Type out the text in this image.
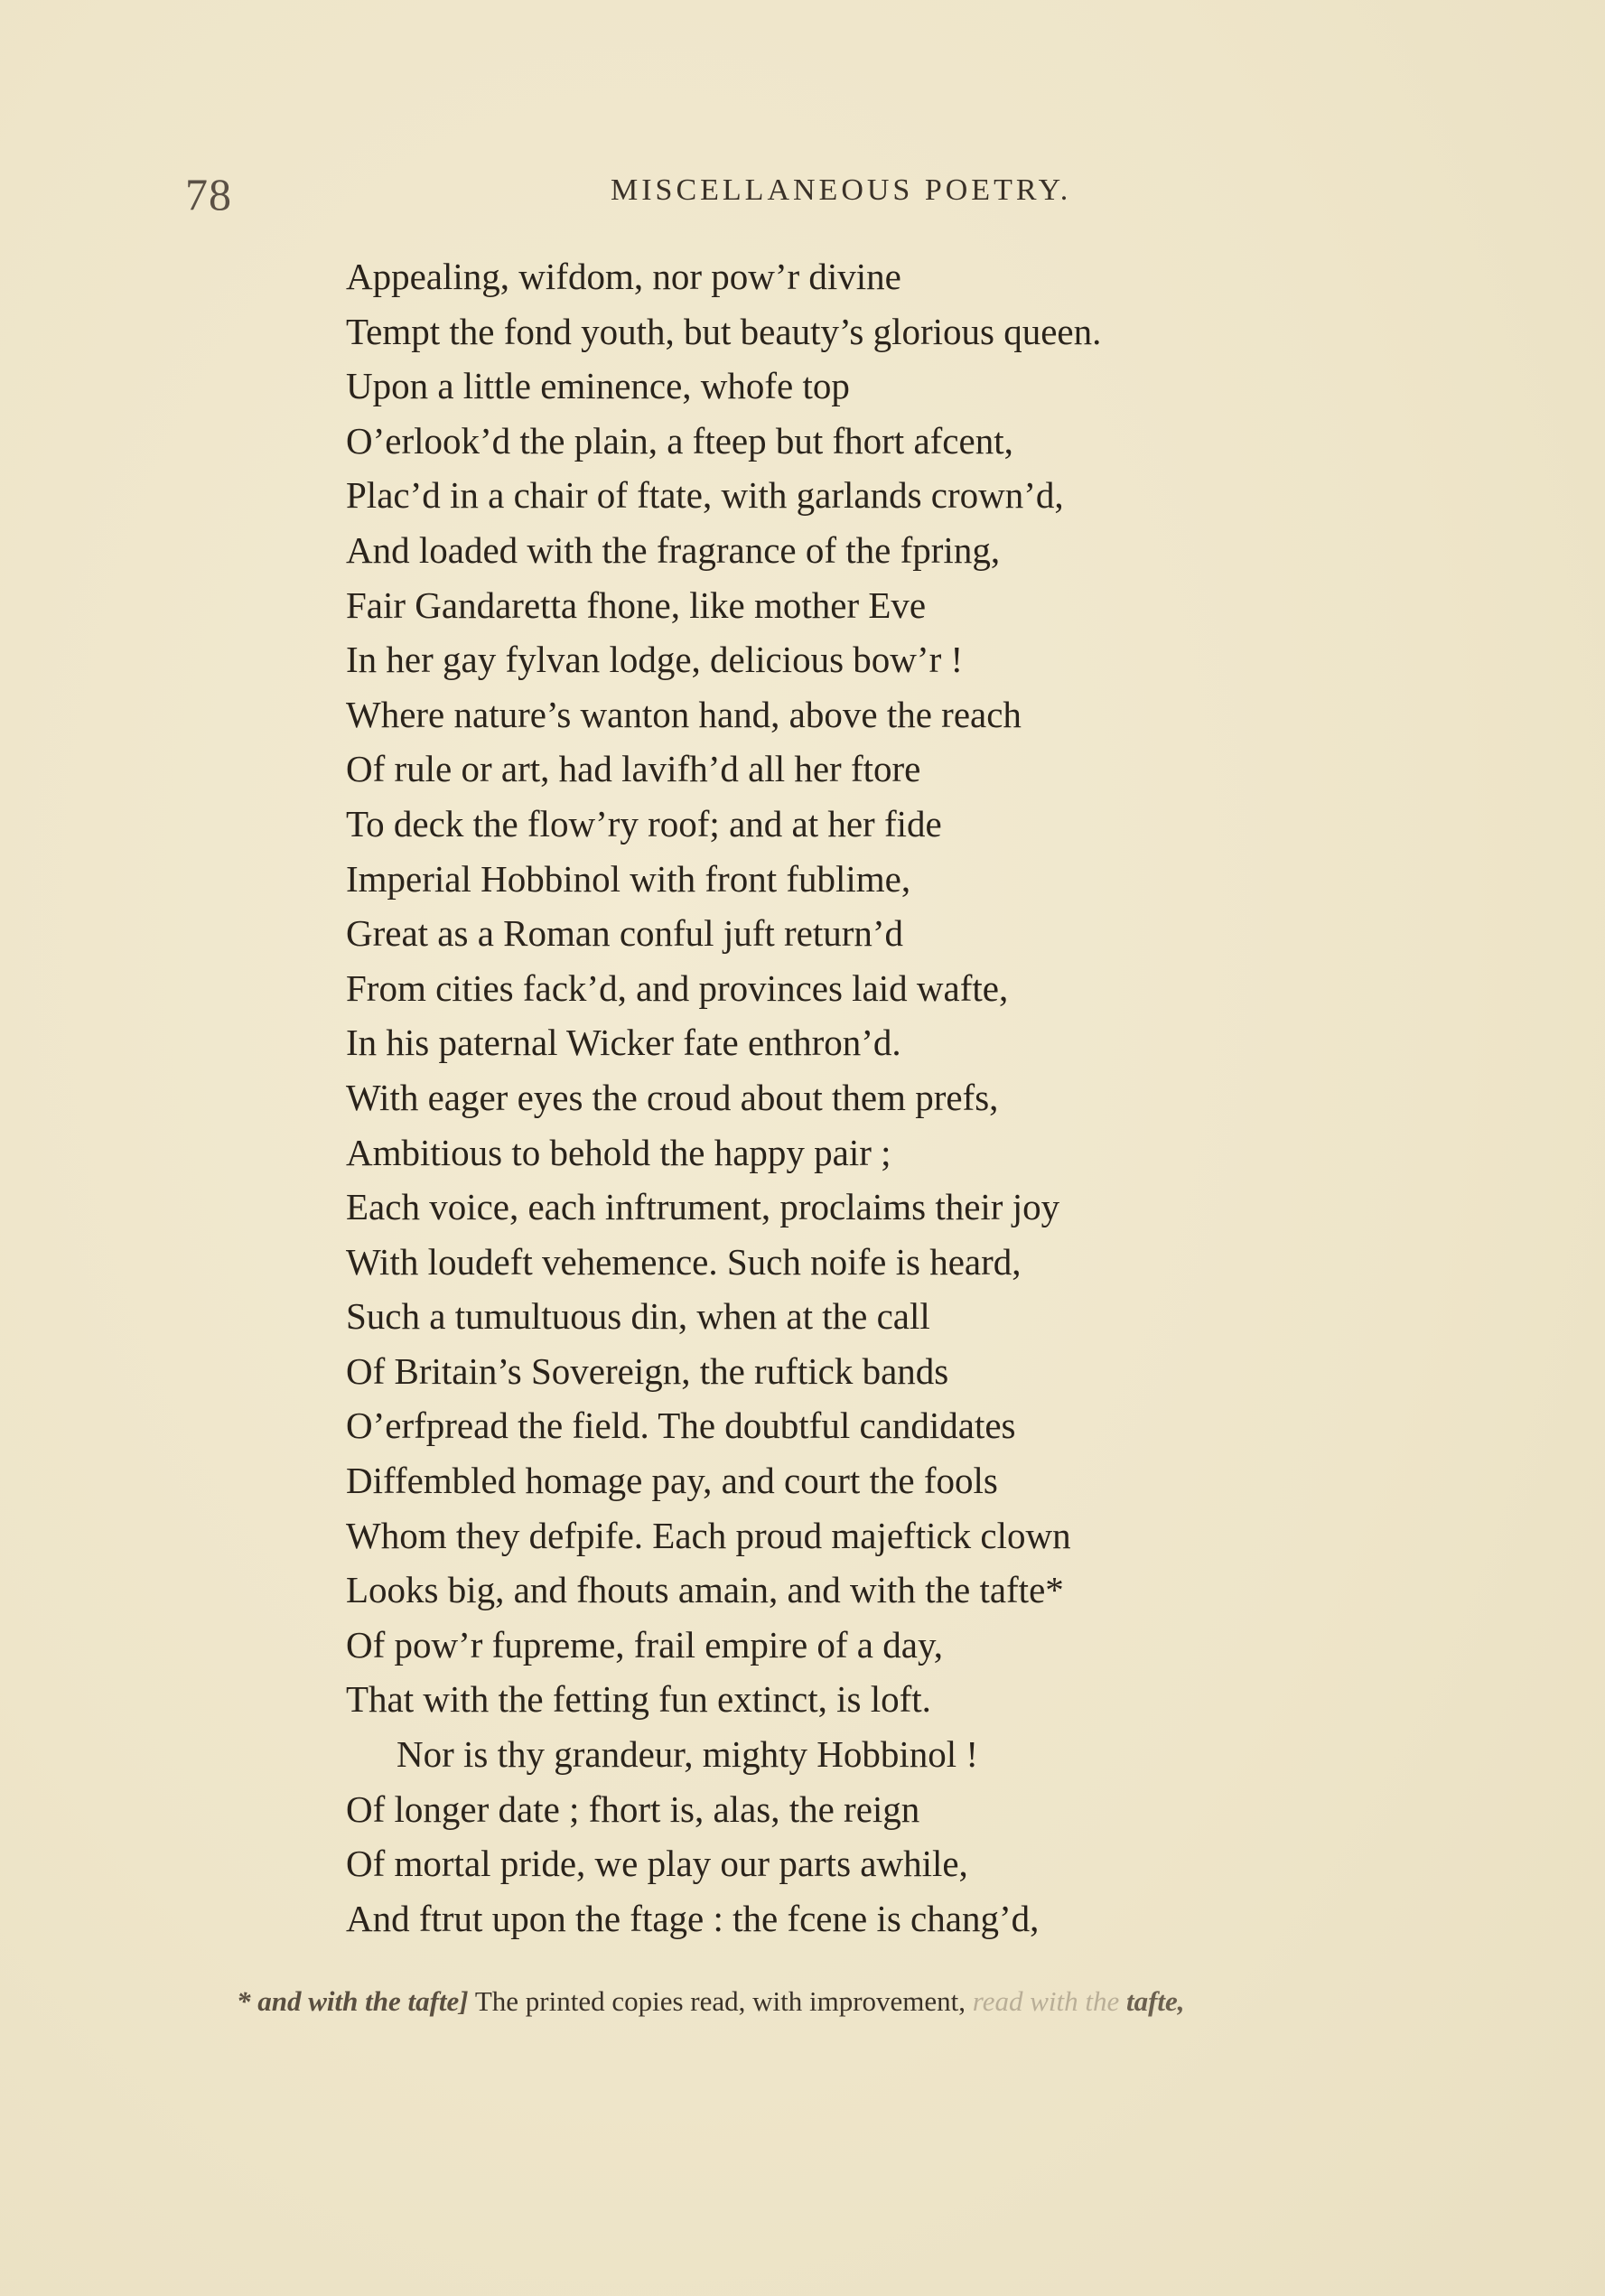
78	MISCELLANEOUS POETRY.
Appealing, wifdom, nor pow’r divine
Tempt the fond youth, but beauty’s glorious queen.
Upon a little eminence, whofe top
O’erlook’d the plain, a fteep but fhort afcent,
Plac’d in a chair of ftate, with garlands crown’d,
And loaded with the fragrance of the fpring,
Fair Gandaretta fhone, like mother Eve
In her gay fylvan lodge, delicious bow’r !
Where nature’s wanton hand, above the reach
Of rule or art, had lavifh’d all her ftore
To deck the flow’ry roof; and at her fide
Imperial Hobbinol with front fublime,
Great as a Roman conful juft return’d
From cities fack’d, and provinces laid wafte,
In his paternal Wicker fate enthron’d.
With eager eyes the croud about them prefs,
Ambitious to behold the happy pair ;
Each voice, each inftrument, proclaims their joy
With loudeft vehemence. Such noife is heard,
Such a tumultuous din, when at the call
Of Britain’s Sovereign, the ruftick bands
O’erfpread the field. The doubtful candidates
Diffembled homage pay, and court the fools
Whom they defpife. Each proud majeftick clown
Looks big, and fhouts amain, and with the tafte*
Of pow’r fupreme, frail empire of a day,
That with the fetting fun extinct, is loft.
Nor is thy grandeur, mighty Hobbinol !
Of longer date ; fhort is, alas, the reign
Of mortal pride, we play our parts awhile,
And ftrut upon the ftage : the fcene is chang’d,
* and with the tafte] The printed copies read, with improvement, read with the tafte,
